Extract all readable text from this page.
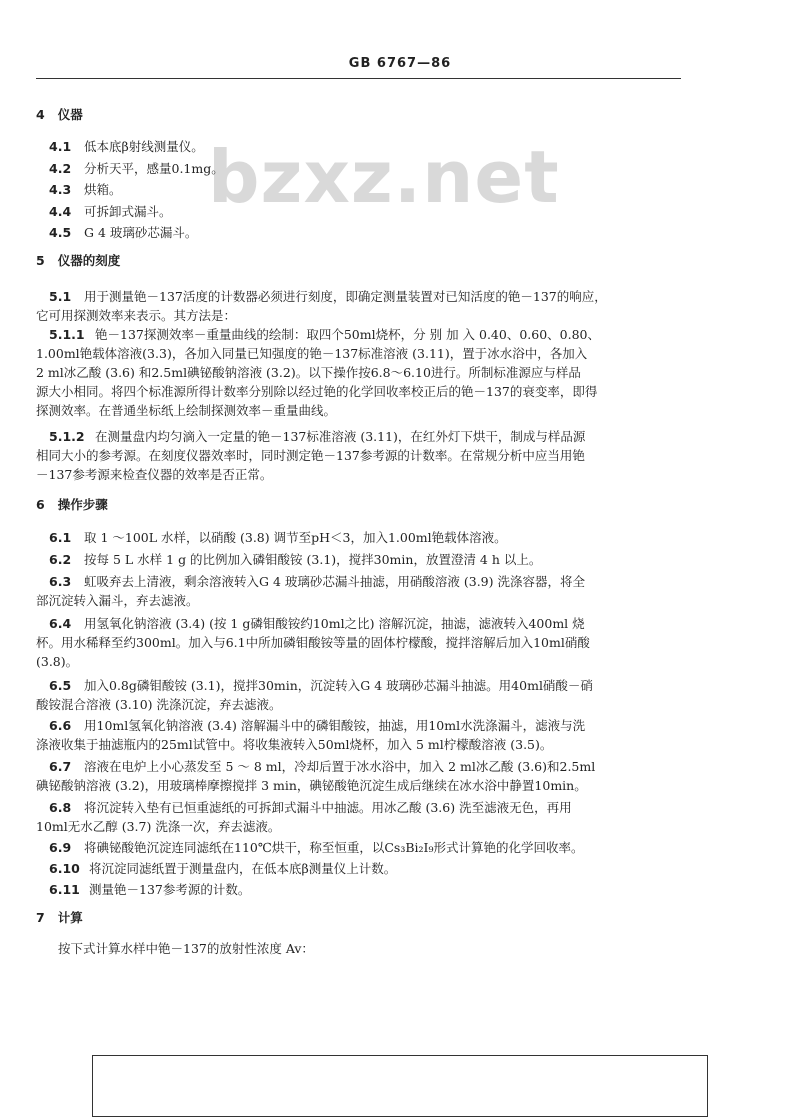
GB 6767—86
bzxz.net
4 仪器
4.1 低本底β射线测量仪。
4.2 分析天平，感量0.1mg。
4.3 烘箱。
4.4 可拆卸式漏斗。
4.5 G 4 玻璃砂芯漏斗。
5 仪器的刻度
5.1 用于测量铯－137活度的计数器必须进行刻度，即确定测量装置对已知活度的铯－137的响应，
它可用探测效率来表示。其方法是：
5.1.1 铯－137探测效率－重量曲线的绘制：取四个50ml烧杯，分 别 加 入 0.40、0.60、0.80、
1.00ml铯载体溶液(3.3)，各加入同量已知强度的铯－137标准溶液 (3.11)，置于冰水浴中，各加入
2 ml冰乙酸 (3.6) 和2.5ml碘铋酸钠溶液 (3.2)。以下操作按6.8～6.10进行。所制标准源应与样品
源大小相同。将四个标准源所得计数率分别除以经过铯的化学回收率校正后的铯－137的衰变率，即得
探测效率。在普通坐标纸上绘制探测效率－重量曲线。
5.1.2 在测量盘内均匀滴入一定量的铯－137标准溶液 (3.11)，在红外灯下烘干，制成与样品源
相同大小的参考源。在刻度仪器效率时，同时测定铯－137参考源的计数率。在常规分析中应当用铯
－137参考源来检查仪器的效率是否正常。
6 操作步骤
6.1 取 1 ～100L 水样，以硝酸 (3.8) 调节至pH＜3，加入1.00ml铯载体溶液。
6.2 按每 5 L 水样 1 g 的比例加入磷钼酸铵 (3.1)，搅拌30min，放置澄清 4 h 以上。
6.3 虹吸弃去上清液，剩余溶液转入G 4 玻璃砂芯漏斗抽滤，用硝酸溶液 (3.9) 洗涤容器，将全
部沉淀转入漏斗，弃去滤液。
6.4 用氢氧化钠溶液 (3.4) (按 1 g磷钼酸铵约10ml之比) 溶解沉淀，抽滤，滤液转入400ml 烧
杯。用水稀释至约300ml。加入与6.1中所加磷钼酸铵等量的固体柠檬酸，搅拌溶解后加入10ml硝酸
(3.8)。
6.5 加入0.8g磷钼酸铵 (3.1)，搅拌30min，沉淀转入G 4 玻璃砂芯漏斗抽滤。用40ml硝酸－硝
酸铵混合溶液 (3.10) 洗涤沉淀，弃去滤液。
6.6 用10ml氢氧化钠溶液 (3.4) 溶解漏斗中的磷钼酸铵，抽滤，用10ml水洗涤漏斗，滤液与洗
涤液收集于抽滤瓶内的25ml试管中。将收集液转入50ml烧杯，加入 5 ml柠檬酸溶液 (3.5)。
6.7 溶液在电炉上小心蒸发至 5 ～ 8 ml，冷却后置于冰水浴中，加入 2 ml冰乙酸 (3.6)和2.5ml
碘铋酸钠溶液 (3.2)，用玻璃棒摩擦搅拌 3 min，碘铋酸铯沉淀生成后继续在冰水浴中静置10min。
6.8 将沉淀转入垫有已恒重滤纸的可拆卸式漏斗中抽滤。用冰乙酸 (3.6) 洗至滤液无色，再用
10ml无水乙醇 (3.7) 洗涤一次，弃去滤液。
6.9 将碘铋酸铯沉淀连同滤纸在110℃烘干，称至恒重，以Cs₃Bi₂I₉形式计算铯的化学回收率。
6.10 将沉淀同滤纸置于测量盘内，在低本底β测量仪上计数。
6.11 测量铯－137参考源的计数。
7 计算
按下式计算水样中铯－137的放射性浓度 Av：
